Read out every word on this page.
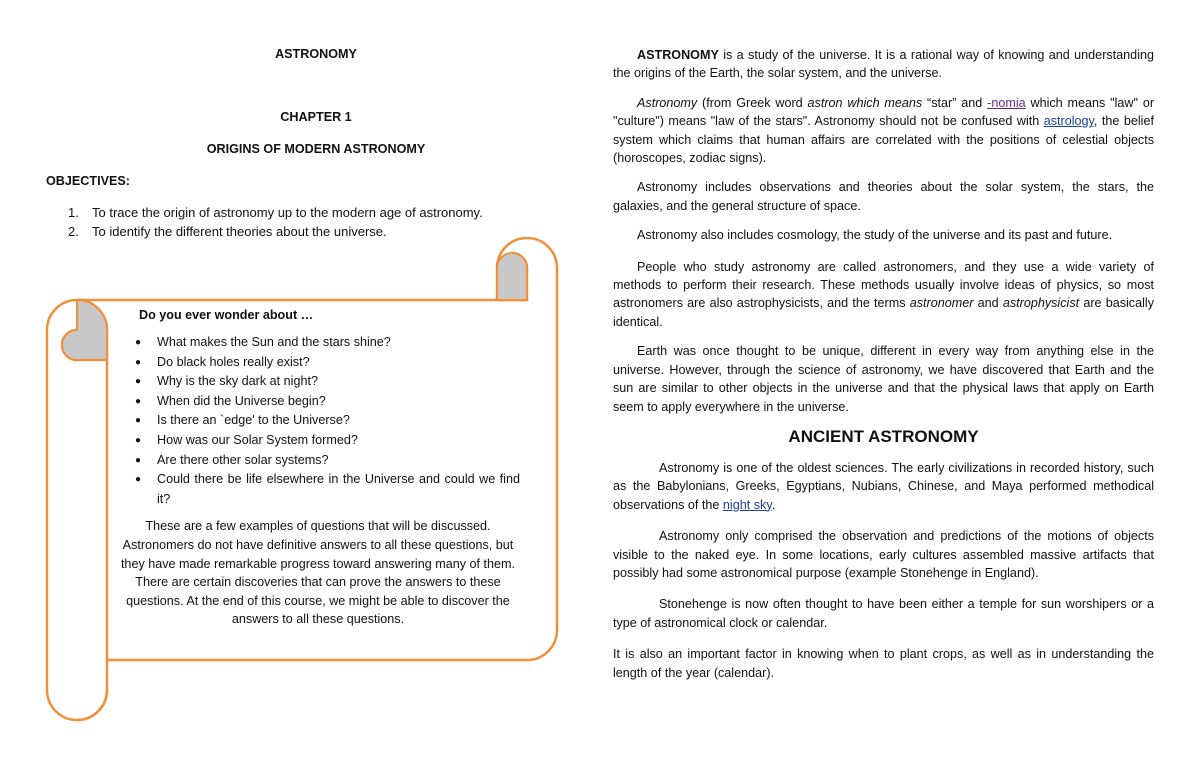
ASTRONOMY
CHAPTER 1
ORIGINS OF MODERN ASTRONOMY
OBJECTIVES:
1.	To trace the origin of astronomy up to the modern age of astronomy.
2.	To identify the different theories about the universe.
Do you ever wonder about …
●	What makes the Sun and the stars shine?
●	Do black holes really exist?
●	Why is the sky dark at night?
●	When did the Universe begin?
●	Is there an `edge' to the Universe?
●	How was our Solar System formed?
●	Are there other solar systems?
●	Could there be life elsewhere in the Universe and could we find it?
These are a few examples of questions that will be discussed. Astronomers do not have definitive answers to all these questions, but they have made remarkable progress toward answering many of them. There are certain discoveries that can prove the answers to these questions. At the end of this course, we might be able to discover the answers to all these questions.

ASTRONOMY is a study of the universe. It is a rational way of knowing and understanding the origins of the Earth, the solar system, and the universe.

Astronomy (from Greek word astron which means “star” and -nomia which means "law" or "culture") means "law of the stars". Astronomy should not be confused with astrology, the belief system which claims that human affairs are correlated with the positions of celestial objects (horoscopes, zodiac signs).

Astronomy includes observations and theories about the solar system, the stars, the galaxies, and the general structure of space.

Astronomy also includes cosmology, the study of the universe and its past and future.

People who study astronomy are called astronomers, and they use a wide variety of methods to perform their research. These methods usually involve ideas of physics, so most astronomers are also astrophysicists, and the terms astronomer and astrophysicist are basically identical.

Earth was once thought to be unique, different in every way from anything else in the universe. However, through the science of astronomy, we have discovered that Earth and the sun are similar to other objects in the universe and that the physical laws that apply on Earth seem to apply everywhere in the universe.

ANCIENT ASTRONOMY

Astronomy is one of the oldest sciences. The early civilizations in recorded history, such as the Babylonians, Greeks, Egyptians, Nubians, Chinese, and Maya performed methodical observations of the night sky.

Astronomy only comprised the observation and predictions of the motions of objects visible to the naked eye. In some locations, early cultures assembled massive artifacts that possibly had some astronomical purpose (example Stonehenge in England).

Stonehenge is now often thought to have been either a temple for sun worshipers or a type of astronomical clock or calendar.

It is also an important factor in knowing when to plant crops, as well as in understanding the length of the year (calendar).
